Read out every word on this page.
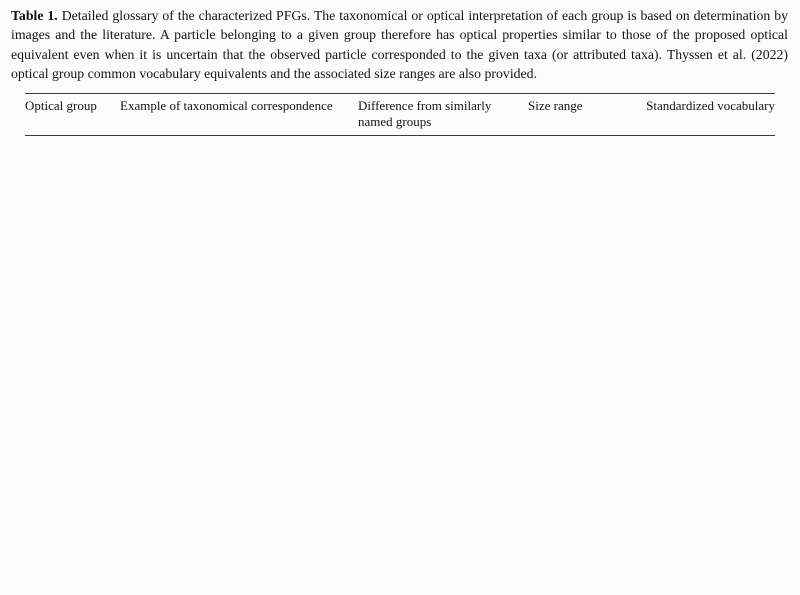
Table 1. Detailed glossary of the characterized PFGs. The taxonomical or optical interpretation of each group is based on determination by images and the literature. A particle belonging to a given group therefore has optical properties similar to those of the proposed optical equivalent even when it is uncertain that the observed particle corresponded to the given taxa (or attributed taxa). Thyssen et al. (2022) optical group common vocabulary equivalents and the associated size ranges are also provided.
Optical group	Example of taxonomical correspondence	Difference from similarly named groups	Size range	Standardized vocabulary
